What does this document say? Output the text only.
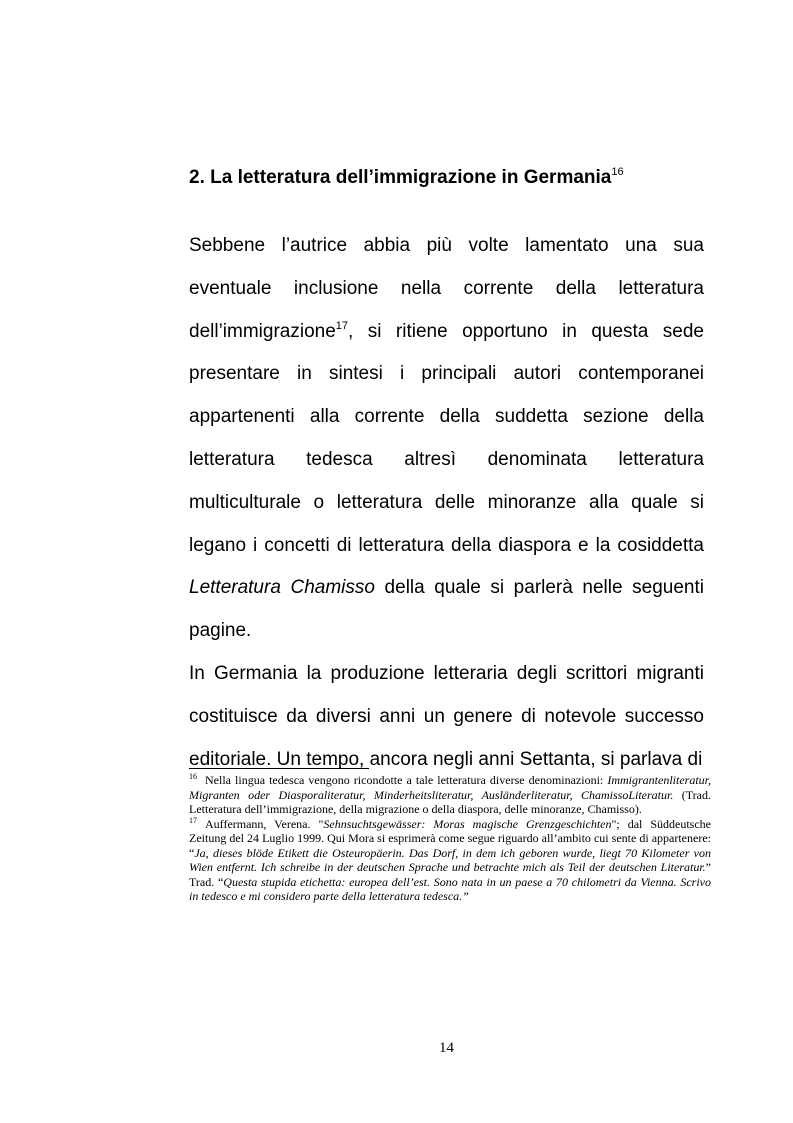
2. La letteratura dell’immigrazione in Germania$^{16}$

Sebbene l’autrice abbia più volte lamentato una sua eventuale inclusione nella corrente della letteratura dell’immigrazione$^{17}$, si ritiene opportuno in questa sede presentare in sintesi i principali autori contemporanei appartenenti alla corrente della suddetta sezione della letteratura tedesca altresì denominata letteratura multiculturale o letteratura delle minoranze alla quale si legano i concetti di letteratura della diaspora e la cosiddetta Letteratura Chamisso della quale si parlerà nelle seguenti pagine.

In Germania la produzione letteraria degli scrittori migranti costituisce da diversi anni un genere di notevole successo editoriale. Un tempo, ancora negli anni Settanta, si parlava di

$^{16}$ Nella lingua tedesca vengono ricondotte a tale letteratura diverse denominazioni: Immigrantenliteratur, Migranten oder Diasporaliteratur, Minderheitsliteratur, Ausländerliteratur, ChamissoLiteratur. (Trad. Letteratura dell’immigrazione, della migrazione o della diaspora, delle minoranze, Chamisso).

$^{17}$ Auffermann, Verena. "Sehnsuchtsgewässer: Moras magische Grenzgeschichten"; dal Süddeutsche Zeitung del 24 Luglio 1999. Qui Mora si esprimerà come segue riguardo all’ambito cui sente di appartenere: “Ja, dieses blöde Etikett die Osteuropäerin. Das Dorf, in dem ich geboren wurde, liegt 70 Kilometer von Wien entfernt. Ich schreibe in der deutschen Sprache und betrachte mich als Teil der deutschen Literatur.” Trad. “Questa stupida etichetta: europea dell’est. Sono nata in un paese a 70 chilometri da Vienna. Scrivo in tedesco e mi considero parte della letteratura tedesca.”

14
